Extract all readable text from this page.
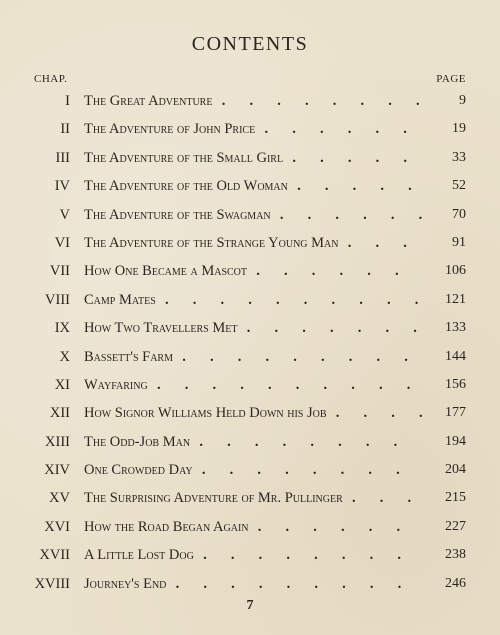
CONTENTS
CHAP.	PAGE
I The Great Adventure .	9
II The Adventure of John Price .	19
III The Adventure of the Small Girl .	33
IV The Adventure of the Old Woman .	52
V The Adventure of the Swagman .	70
VI The Adventure of the Strange Young Man .	91
VII How One Became a Mascot .	106
VIII Camp Mates .	121
IX How Two Travellers Met .	133
X Bassett's Farm .	144
XI Wayfaring .	156
XII How Signor Williams Held Down his Job .	177
XIII The Odd-Job Man .	194
XIV One Crowded Day .	204
XV The Surprising Adventure of Mr. Pullinger .	215
XVI How the Road Began Again .	227
XVII A Little Lost Dog .	238
XVIII Journey's End .	246
7
